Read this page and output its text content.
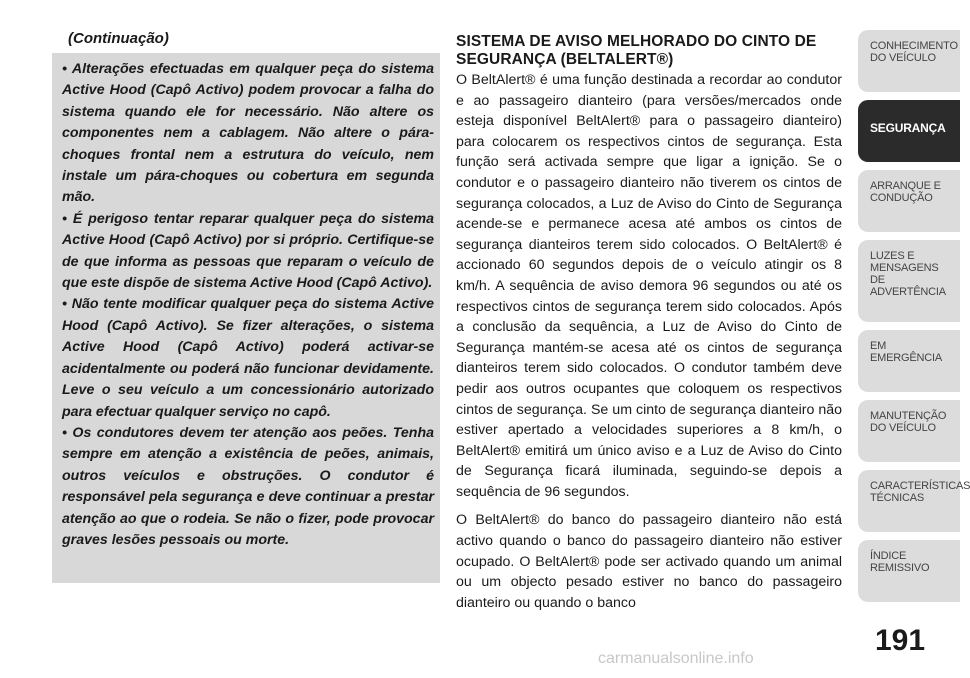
(Continuação)

• Alterações efectuadas em qualquer peça do sistema Active Hood (Capô Activo) podem provocar a falha do sistema quando ele for necessário. Não altere os componentes nem a cablagem. Não altere o pára-choques frontal nem a estrutura do veículo, nem instale um pára-choques ou cobertura em segunda mão.

• É perigoso tentar reparar qualquer peça do sistema Active Hood (Capô Activo) por si próprio. Certifique-se de que informa as pessoas que reparam o veículo de que este dispõe de sistema Active Hood (Capô Activo).

• Não tente modificar qualquer peça do sistema Active Hood (Capô Activo). Se fizer alterações, o sistema Active Hood (Capô Activo) poderá activar-se acidentalmente ou poderá não funcionar devidamente. Leve o seu veículo a um concessionário autorizado para efectuar qualquer serviço no capô.

• Os condutores devem ter atenção aos peões. Tenha sempre em atenção a existência de peões, animais, outros veículos e obstruções. O condutor é responsável pela segurança e deve continuar a prestar atenção ao que o rodeia. Se não o fizer, pode provocar graves lesões pessoais ou morte.

SISTEMA DE AVISO MELHORADO DO CINTO DE SEGURANÇA (BELTALERT®)

O BeltAlert® é uma função destinada a recordar ao condutor e ao passageiro dianteiro (para versões/mercados onde esteja disponível BeltAlert® para o passageiro dianteiro) para colocarem os respectivos cintos de segurança. Esta função será activada sempre que ligar a ignição. Se o condutor e o passageiro dianteiro não tiverem os cintos de segurança colocados, a Luz de Aviso do Cinto de Segurança acende-se e permanece acesa até ambos os cintos de segurança dianteiros terem sido colocados. O BeltAlert® é accionado 60 segundos depois de o veículo atingir os 8 km/h. A sequência de aviso demora 96 segundos ou até os respectivos cintos de segurança terem sido colocados. Após a conclusão da sequência, a Luz de Aviso do Cinto de Segurança mantém-se acesa até os cintos de segurança dianteiros terem sido colocados. O condutor também deve pedir aos outros ocupantes que coloquem os respectivos cintos de segurança. Se um cinto de segurança dianteiro não estiver apertado a velocidades superiores a 8 km/h, o BeltAlert® emitirá um único aviso e a Luz de Aviso do Cinto de Segurança ficará iluminada, seguindo-se depois a sequência de 96 segundos.

O BeltAlert® do banco do passageiro dianteiro não está activo quando o banco do passageiro dianteiro não estiver ocupado. O BeltAlert® pode ser activado quando um animal ou um objecto pesado estiver no banco do passageiro dianteiro ou quando o banco

CONHECIMENTO DO VEÍCULO
SEGURANÇA
ARRANQUE E CONDUÇÃO
LUZES E MENSAGENS DE ADVERTÊNCIA
EM EMERGÊNCIA
MANUTENÇÃO DO VEÍCULO
CARACTERÍSTICAS TÉCNICAS
ÍNDICE REMISSIVO
191
carmanualsonline.info
